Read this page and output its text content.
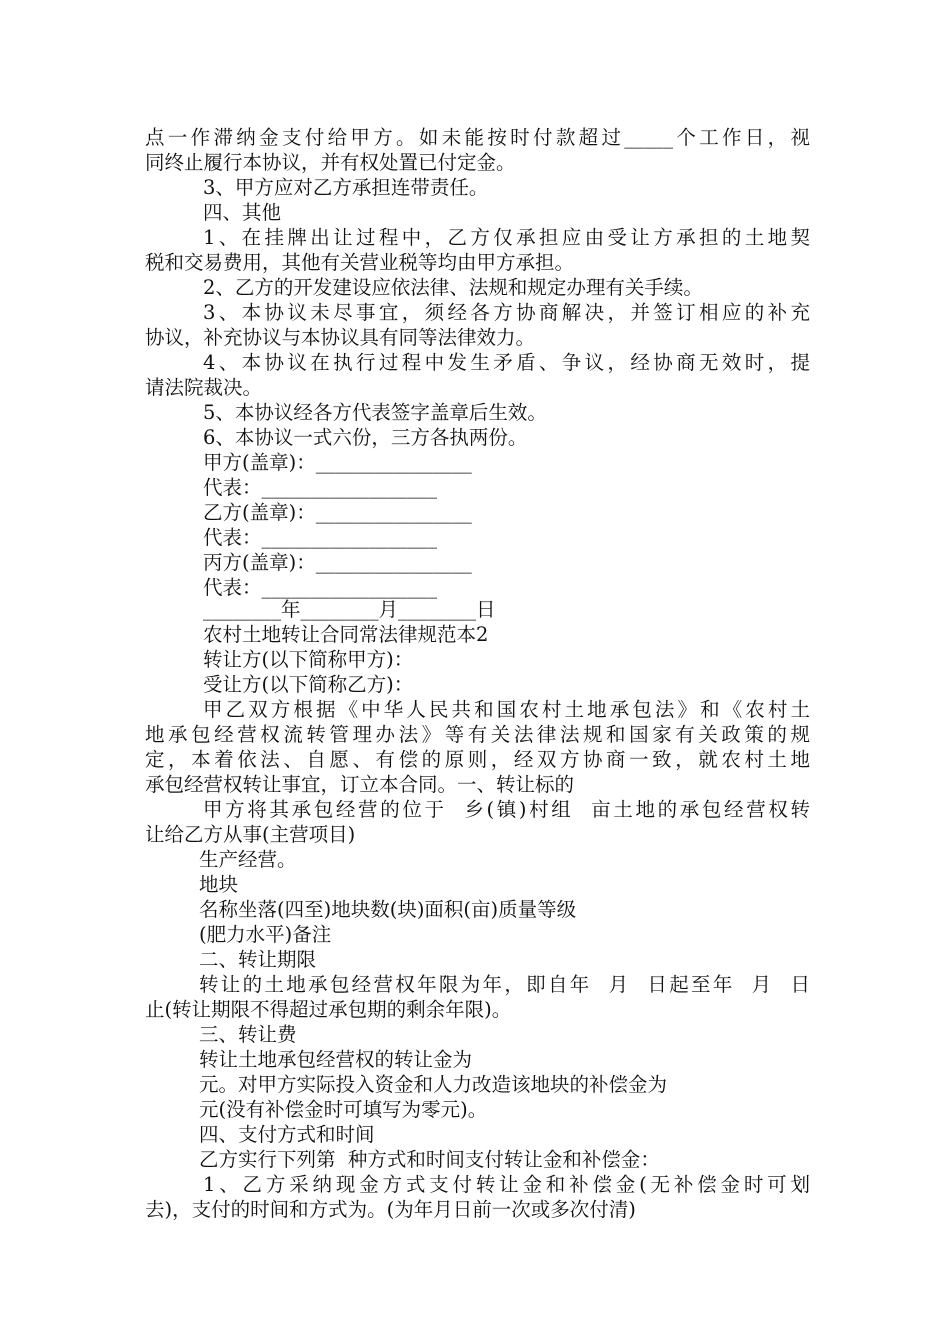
点一作滞纳金支付给甲方。如未能按时付款超过_____个工作日，视
同终止履行本协议，并有权处置已付定金。
3、甲方应对乙方承担连带责任。
四、其他
1、在挂牌出让过程中，乙方仅承担应由受让方承担的土地契
税和交易费用，其他有关营业税等均由甲方承担。
2、乙方的开发建设应依法律、法规和规定办理有关手续。
3、本协议未尽事宜，须经各方协商解决，并签订相应的补充
协议，补充协议与本协议具有同等法律效力。
4、本协议在执行过程中发生矛盾、争议，经协商无效时，提
请法院裁决。
5、本协议经各方代表签字盖章后生效。
6、本协议一式六份，三方各执两份。
甲方(盖章)：________________
代表：__________________
乙方(盖章)：________________
代表：__________________
丙方(盖章)：________________
代表：__________________
________年________月________日
农村土地转让合同常法律规范本2
转让方(以下简称甲方)：
受让方(以下简称乙方)：
甲乙双方根据《中华人民共和国农村土地承包法》和《农村土
地承包经营权流转管理办法》等有关法律法规和国家有关政策的规
定，本着依法、自愿、有偿的原则，经双方协商一致，就农村土地
承包经营权转让事宜，订立本合同。一、转让标的
甲方将其承包经营的位于  乡(镇)村组  亩土地的承包经营权转
让给乙方从事(主营项目)
生产经营。
地块
名称坐落(四至)地块数(块)面积(亩)质量等级
(肥力水平)备注
二、转让期限
转让的土地承包经营权年限为年，即自年  月  日起至年  月  日
止(转让期限不得超过承包期的剩余年限)。
三、转让费
转让土地承包经营权的转让金为
元。对甲方实际投入资金和人力改造该地块的补偿金为
元(没有补偿金时可填写为零元)。
四、支付方式和时间
乙方实行下列第  种方式和时间支付转让金和补偿金：
1、乙方采纳现金方式支付转让金和补偿金(无补偿金时可划
去)，支付的时间和方式为。(为年月日前一次或多次付清)
